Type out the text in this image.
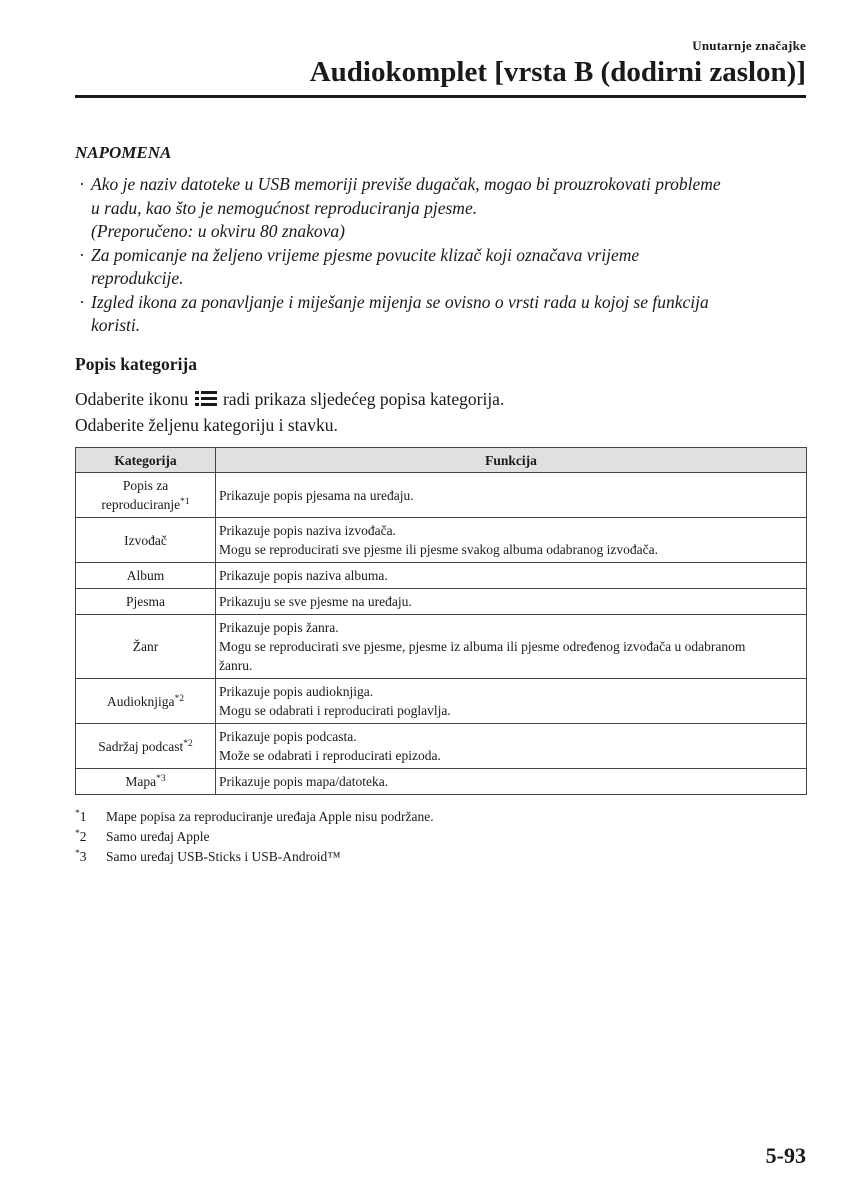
Unutarnje značajke
Audiokomplet [vrsta B (dodirni zaslon)]
NAPOMENA
· Ako je naziv datoteke u USB memoriji previše dugačak, mogao bi prouzrokovati probleme
u radu, kao što je nemogućnost reproduciranja pjesme.
(Preporučeno: u okviru 80 znakova)
· Za pomicanje na željeno vrijeme pjesme povucite klizač koji označava vrijeme
reprodukcije.
· Izgled ikona za ponavljanje i miješanje mijenja se ovisno o vrsti rada u kojoj se funkcija
koristi.
Popis kategorija
Odaberite ikonu radi prikaza sljedećeg popisa kategorija.
Odaberite željenu kategoriju i stavku.
Kategorija	Funkcija
Popis za
reproduciranje$^{*1}$	Prikazuje popis pjesama na uređaju.

Izvođač	Prikazuje popis naziva izvođača.
Mogu se reproducirati sve pjesme ili pjesme svakog albuma odabranog izvođača.

Album	Prikazuje popis naziva albuma.

Pjesma	Prikazuju se sve pjesme na uređaju.

Žanr	Prikazuje popis žanra.
Mogu se reproducirati sve pjesme, pjesme iz albuma ili pjesme određenog izvođača u odabranom
žanru.

Audioknjiga$^{*2}$	Prikazuje popis audioknjiga.
Mogu se odabrati i reproducirati poglavlja.

Sadržaj podcast$^{*2}$	Prikazuje popis podcasta.
Može se odabrati i reproducirati epizoda.

Mapa$^{*3}$	Prikazuje popis mapa/datoteka.
*1	Mape popisa za reproduciranje uređaja Apple nisu podržane.
*2	Samo uređaj Apple
*3	Samo uređaj USB-Sticks i USB-Android™
5-93
